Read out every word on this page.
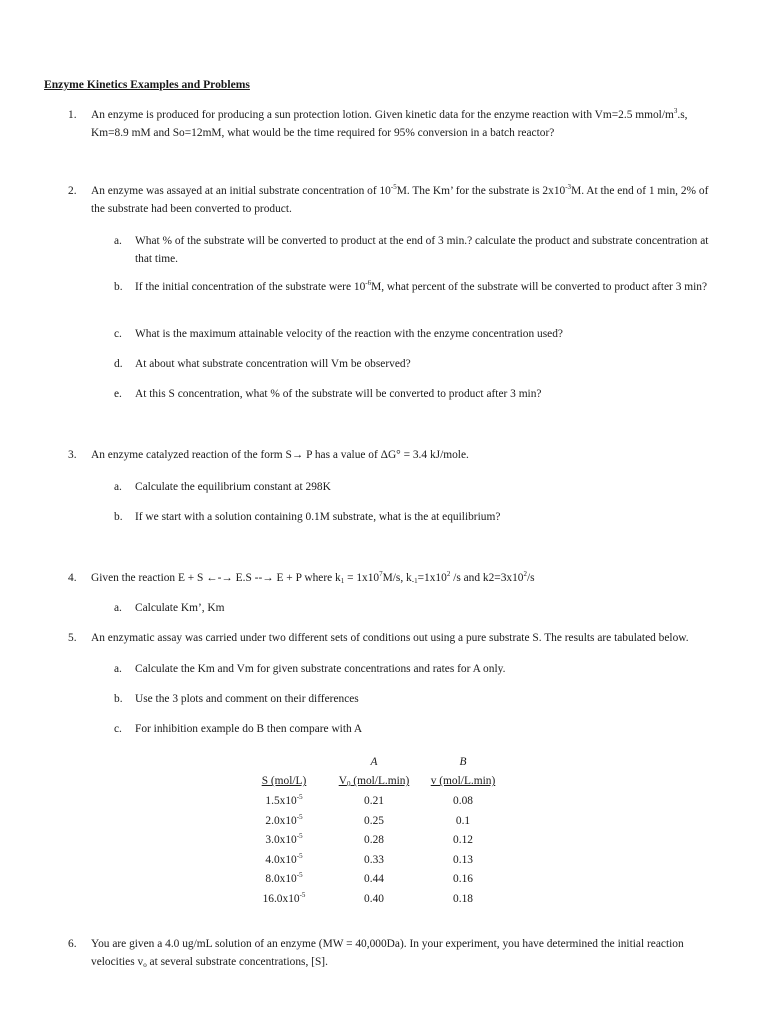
Enzyme Kinetics Examples and Problems
1. An enzyme is produced for producing a sun protection lotion. Given kinetic data for the enzyme reaction with Vm=2.5 mmol/$m^3.s$, Km=8.9 mM and So=12mM, what would be the time required for 95% conversion in a batch reactor?
2. An enzyme was assayed at an initial substrate concentration of $10^{-5}M$. The Km’ for the substrate is $2x10^{-3}M$. At the end of 1 min, 2% of the substrate had been converted to product.
a. What % of the substrate will be converted to product at the end of 3 min.? calculate the product and substrate concentration at that time.
b. If the initial concentration of the substrate were $10^{-6}M$, what percent of the substrate will be converted to product after 3 min?
c. What is the maximum attainable velocity of the reaction with the enzyme concentration used?
d. At about what substrate concentration will Vm be observed?
e. At this S concentration, what % of the substrate will be converted to product after 3 min?
3. An enzyme catalyzed reaction of the form S→ P has a value of ΔG° = 3.4 kJ/mole.
a. Calculate the equilibrium constant at 298K
b. If we start with a solution containing 0.1M substrate, what is the at equilibrium?
4. Given the reaction E + S ←-→ E.S --→ E + P where $k_1 = 1x10^7M/s$, $k_{-1}=1x10^2$ /s and $k2=3x10^2/s$
a. Calculate Km’, Km
5. An enzymatic assay was carried under two different sets of conditions out using a pure substrate S. The results are tabulated below.
a. Calculate the Km and Vm for given substrate concentrations and rates for A only.
b. Use the 3 plots and comment on their differences
c. For inhibition example do B then compare with A
	A	B
S (mol/L)	$V_0$ (mol/L.min)	v (mol/L.min)
$1.5x10^{-5}$	0.21	0.08
$2.0x10^{-5}$	0.25	0.1
$3.0x10^{-5}$	0.28	0.12
$4.0x10^{-5}$	0.33	0.13
$8.0x10^{-5}$	0.44	0.16
$16.0x10^{-5}$	0.40	0.18
6. You are given a 4.0 ug/mL solution of an enzyme (MW = 40,000Da). In your experiment, you have determined the initial reaction velocities $v_o$ at several substrate concentrations, [S].
